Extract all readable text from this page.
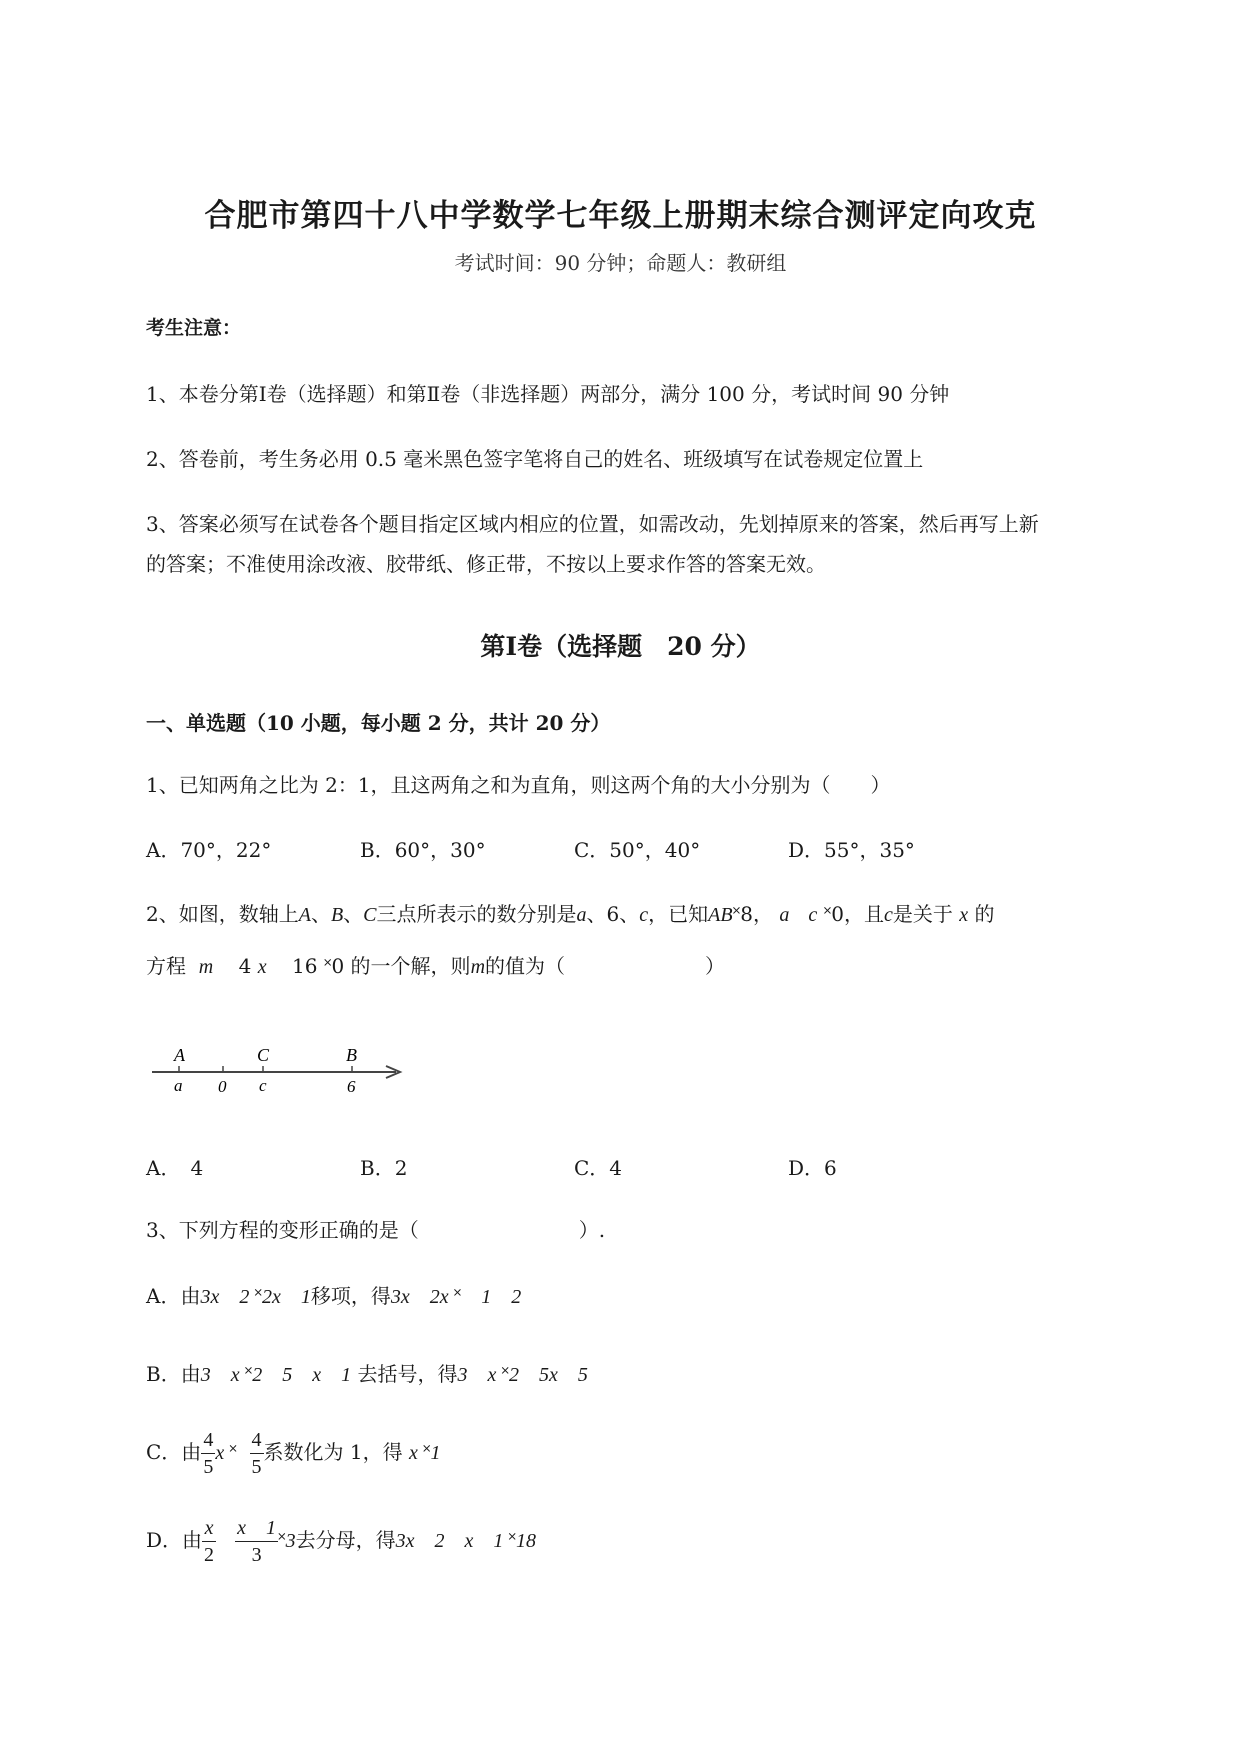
合肥市第四十八中学数学七年级上册期末综合测评定向攻克
考试时间：90 分钟；命题人：教研组
考生注意：
1、本卷分第Ⅰ卷（选择题）和第Ⅱ卷（非选择题）两部分，满分 100 分，考试时间 90 分钟
2、答卷前，考生务必用 0.5 毫米黑色签字笔将自己的姓名、班级填写在试卷规定位置上
3、答案必须写在试卷各个题目指定区域内相应的位置，如需改动，先划掉原来的答案，然后再写上新
的答案；不准使用涂改液、胶带纸、修正带，不按以上要求作答的答案无效。
第Ⅰ卷（选择题　20 分）
一、单选题（10 小题，每小题 2 分，共计 20 分）
1、已知两角之比为 2：1，且这两角之和为直角，则这两个角的大小分别为（　　）
A．70°，22°	B．60°，30°	C．50°，40°	D．55°，35°
2、如图，数轴上A、B、C三点所表示的数分别是a、6、c，已知AB˟8， a c ˟0，且c是关于 x 的
方程 m 4 x 16 ˟0 的一个解，则m的值为（　　　　　　　）
A	C	B
a 0 c	6
A．　4	B．2	C．4	D．6
3、下列方程的变形正确的是（　　　　　　　　）.
A．由3x　2 ˟2x　1移项，得3x　2x ˟　1　2
B．由3　x ˟2　5　x　1 去括号，得3　x ˟2　5x　5
C．由 $\frac{4}{5}$ x ˟ $\frac{4}{5}$ 系数化为 1，得 x ˟1
D．由 $\frac{x}{2}$
$\frac{x 1}{3}$ ˟3去分母，得3x　2　x　1 ˟18
